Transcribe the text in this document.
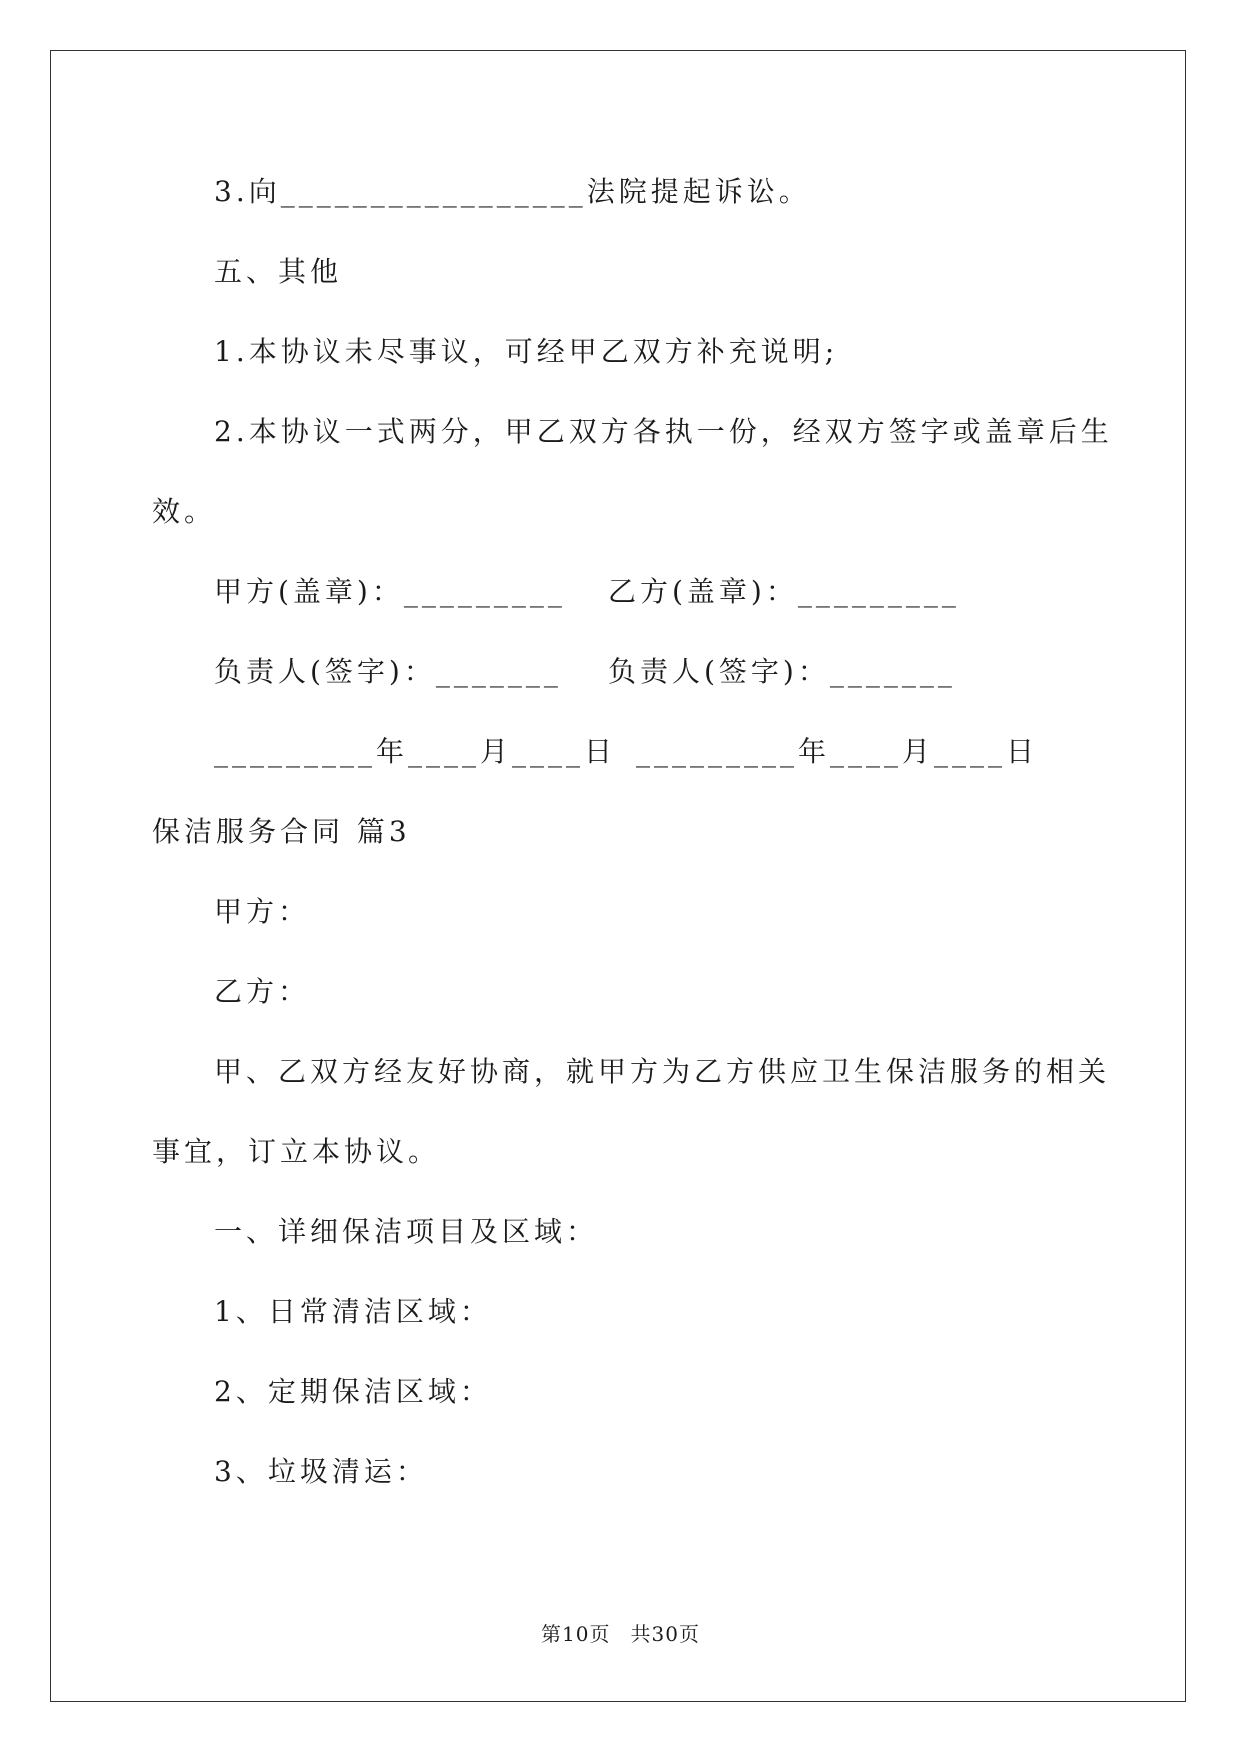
3.向_________________法院提起诉讼。
五、其他
1.本协议未尽事议，可经甲乙双方补充说明;
2.本协议一式两分，甲乙双方各执一份，经双方签字或盖章后生
效。
甲方(盖章)：_________ 乙方(盖章)：_________
负责人(签字)：_______ 负责人(签字)：_______
_________年____月____日 _________年____月____日
保洁服务合同 篇3
甲方：
乙方：
甲、乙双方经友好协商，就甲方为乙方供应卫生保洁服务的相关
事宜，订立本协议。
一、详细保洁项目及区域：
1、日常清洁区域：
2、定期保洁区域：
3、垃圾清运：
第10页 共30页
